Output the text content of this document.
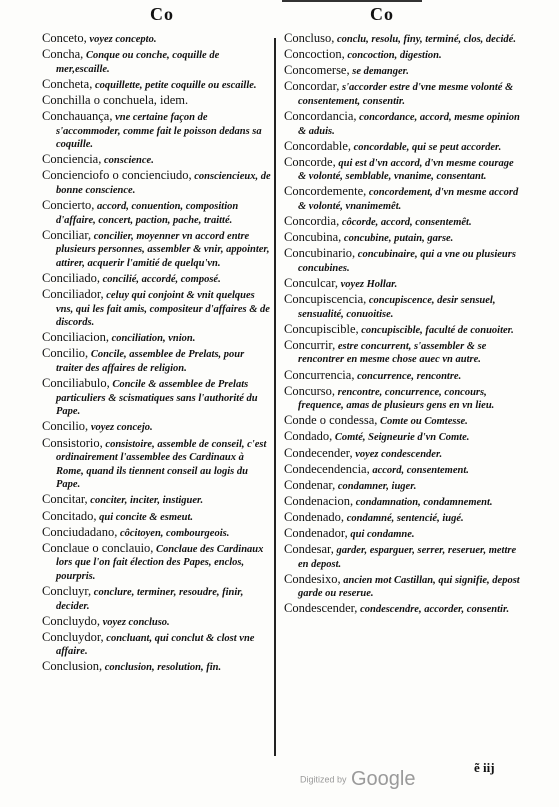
Co	Co
Conceto, voyez concepto.
Concha, Conque ou conche, coquille de mer,escaille.
Concheta, coquillette, petite coquille ou escaille.
Conchilla o conchuela, idem.
Conchauança, vne certaine façon de s'accommoder, comme fait le poisson dedans sa coquille.
Conciencia, conscience.
Concienciofo o concienciudo, consciencieux, de bonne conscience.
Concierto, accord, conuention, composition d'affaire, concert, paction, pache, traitté.
Conciliar, concilier, moyenner vn accord entre plusieurs personnes, assembler & vnir, appointer, attirer, acquerir l'amitié de quelqu'vn.
Conciliado, concilié, accordé, composé.
Conciliador, celuy qui conjoint & vnit quelques vns, qui les fait amis, compositeur d'affaires & de discords.
Conciliacion, conciliation, vnion.
Concilio, Concile, assemblee de Prelats, pour traiter des affaires de religion.
Conciliabulo, Concile & assemblee de Prelats particuliers & scismatiques sans l'authorité du Pape.
Concilio, voyez concejo.
Consistorio, consistoire, assemble de conseil, c'est ordinairement l'assemblee des Cardinaux à Rome, quand ils tiennent conseil au logis du Pape.
Concitar, conciter, inciter, instiguer.
Concitado, qui concite & esmeut.
Conciudadano, côcitoyen, combourgeois.
Conclaue o conclauio, Conclaue des Cardinaux lors que l'on fait élection des Papes, enclos, pourpris.
Concluyr, conclure, terminer, resoudre, finir, decider.
Concluydo, voyez concluso.
Concluydor, concluant, qui conclut & clost vne affaire.
Conclusion, conclusion, resolution, fin.
Concluso, conclu, resolu, finy, terminé, clos, decidé.
Concoction, concoction, digestion.
Concomerse, se demanger.
Concordar, s'accorder estre d'vne mesme volonté & consentement, consentir.
Concordancia, concordance, accord, mesme opinion & aduis.
Concordable, concordable, qui se peut accorder.
Concorde, qui est d'vn accord, d'vn mesme courage & volonté, semblable, vnanime, consentant.
Concordemente, concordement, d'vn mesme accord & volonté, vnanimemêt.
Concordia, côcorde, accord, consentemêt.
Concubina, concubine, putain, garse.
Concubinario, concubinaire, qui a vne ou plusieurs concubines.
Conculcar, voyez Hollar.
Concupiscencia, concupiscence, desir sensuel, sensualité, conuoitise.
Concupiscible, concupiscible, faculté de conuoiter.
Concurrir, estre concurrent, s'assembler & se rencontrer en mesme chose auec vn autre.
Concurrencia, concurrence, rencontre.
Concurso, rencontre, concurrence, concours, frequence, amas de plusieurs gens en vn lieu.
Conde o condessa, Comte ou Comtesse.
Condado, Comté, Seigneurie d'vn Comte.
Condecender, voyez condescender.
Condecendencia, accord, consentement.
Condenar, condamner, iuger.
Condenacion, condamnation, condamnement.
Condenado, condamné, sentencié, iugé.
Condenador, qui condamne.
Condesar, garder, esparguer, serrer, reseruer, mettre en depost.
Condesixo, ancien mot Castillan, qui signifie, depost garde ou reserue.
Condescender, condescendre, accorder, consentir.
ẽ iij
Digitized by Google
